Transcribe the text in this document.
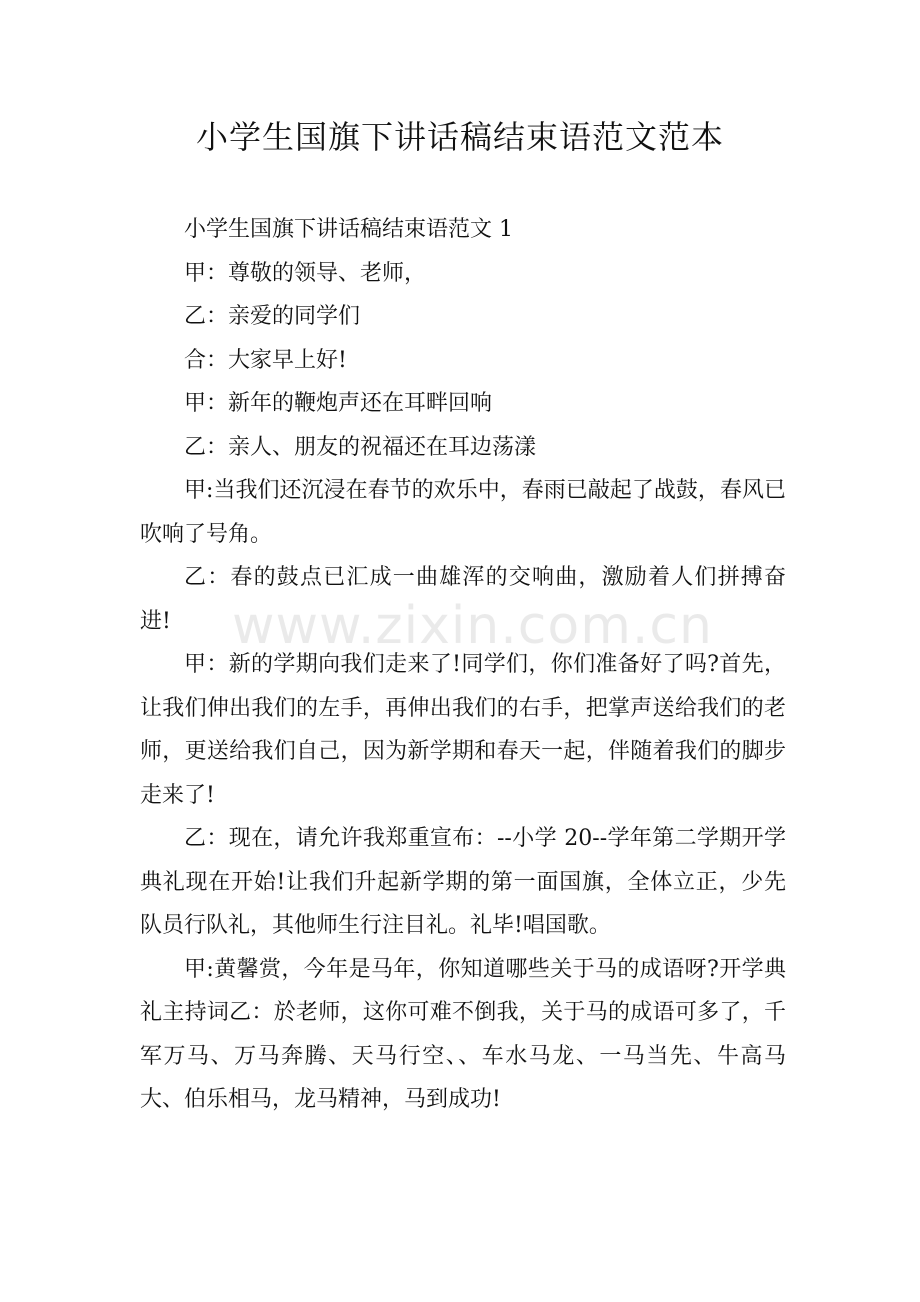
小学生国旗下讲话稿结束语范文范本

小学生国旗下讲话稿结束语范文 1

甲：尊敬的领导、老师，

乙：亲爱的同学们

合：大家早上好!

甲：新年的鞭炮声还在耳畔回响

乙：亲人、朋友的祝福还在耳边荡漾

甲:当我们还沉浸在春节的欢乐中，春雨已敲起了战鼓，春风已吹响了号角。

乙：春的鼓点已汇成一曲雄浑的交响曲，激励着人们拼搏奋进!

甲：新的学期向我们走来了!同学们，你们准备好了吗?首先，让我们伸出我们的左手，再伸出我们的右手，把掌声送给我们的老师，更送给我们自己，因为新学期和春天一起，伴随着我们的脚步走来了!

乙：现在，请允许我郑重宣布：--小学 20--学年第二学期开学典礼现在开始!让我们升起新学期的第一面国旗，全体立正，少先队员行队礼，其他师生行注目礼。礼毕!唱国歌。

甲:黄馨赏，今年是马年，你知道哪些关于马的成语呀?开学典礼主持词乙：於老师，这你可难不倒我，关于马的成语可多了，千军万马、万马奔腾、天马行空、、车水马龙、一马当先、牛高马大、伯乐相马，龙马精神，马到成功!

www.zixin.com.cn
